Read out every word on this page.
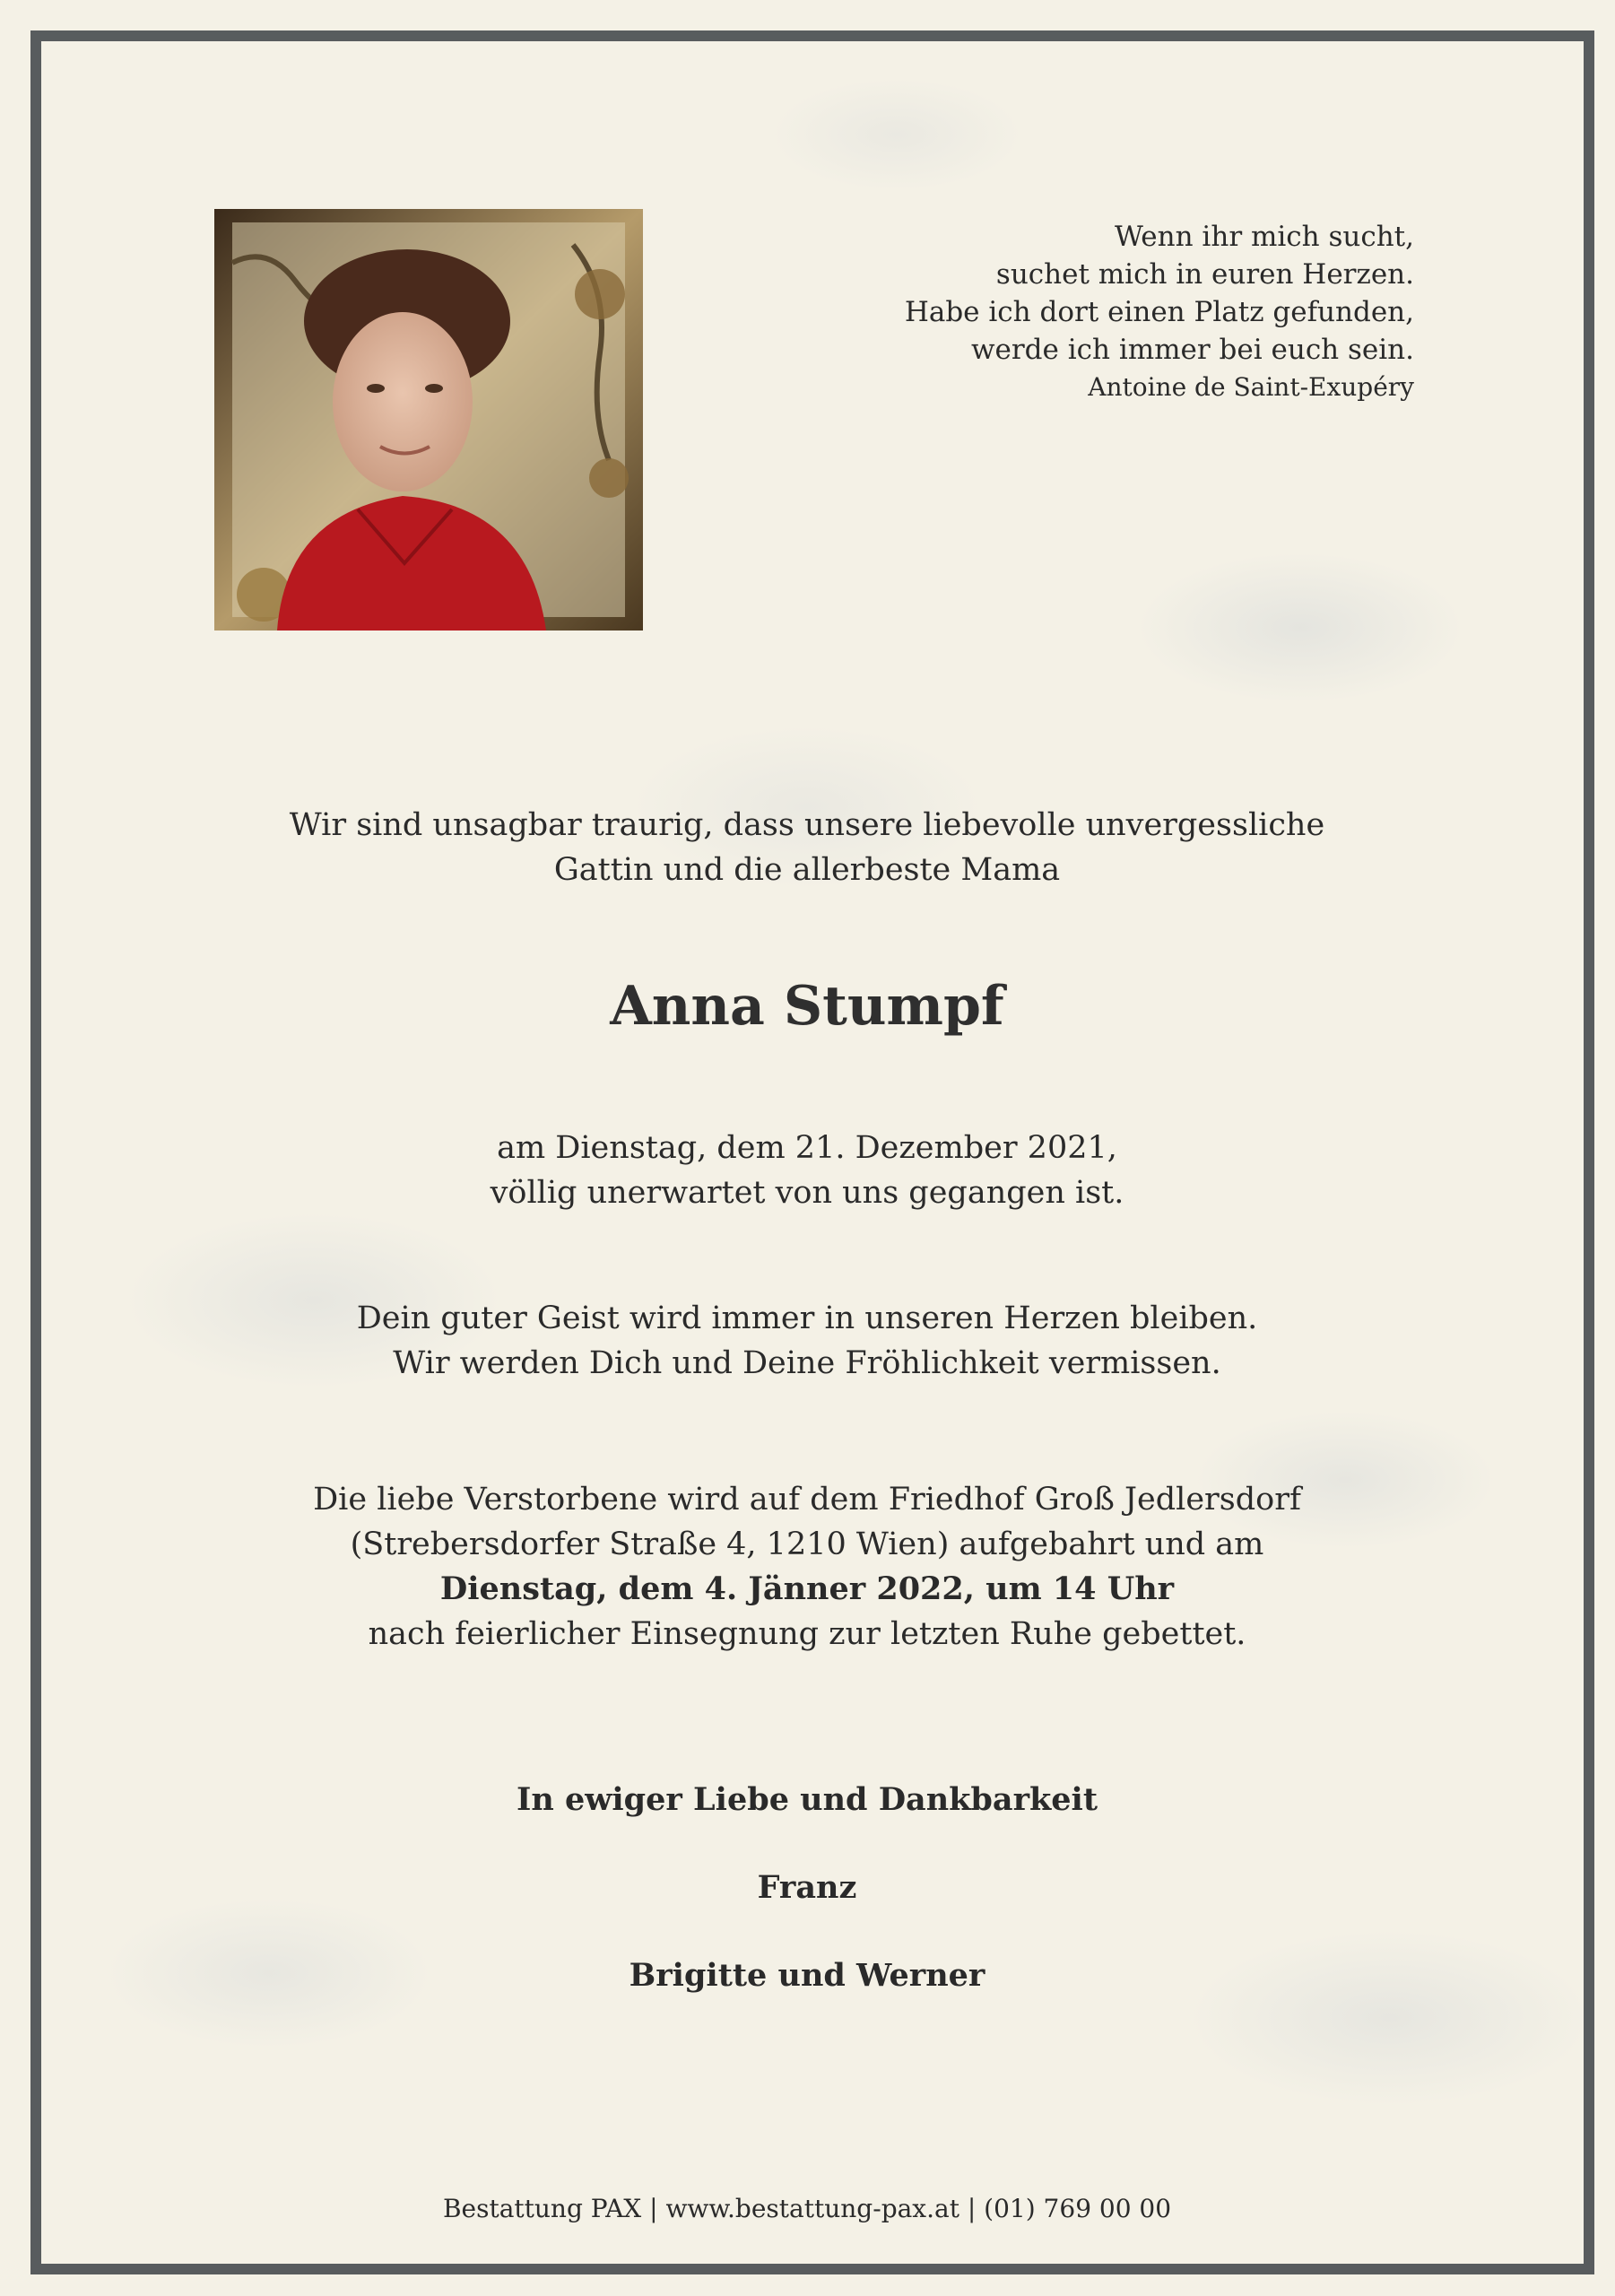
Wenn ihr mich sucht,
suchet mich in euren Herzen.
Habe ich dort einen Platz gefunden,
werde ich immer bei euch sein.
Antoine de Saint-Exupéry
Wir sind unsagbar traurig, dass unsere liebevolle unvergessliche
Gattin und die allerbeste Mama
Anna Stumpf
am Dienstag, dem 21. Dezember 2021,
völlig unerwartet von uns gegangen ist.
Dein guter Geist wird immer in unseren Herzen bleiben.
Wir werden Dich und Deine Fröhlichkeit vermissen.
Die liebe Verstorbene wird auf dem Friedhof Groß Jedlersdorf
(Strebersdorfer Straße 4, 1210 Wien) aufgebahrt und am
Dienstag, dem 4. Jänner 2022, um 14 Uhr
nach feierlicher Einsegnung zur letzten Ruhe gebettet.
In ewiger Liebe und Dankbarkeit
Franz
Brigitte und Werner
Bestattung PAX | www.bestattung-pax.at | (01) 769 00 00
